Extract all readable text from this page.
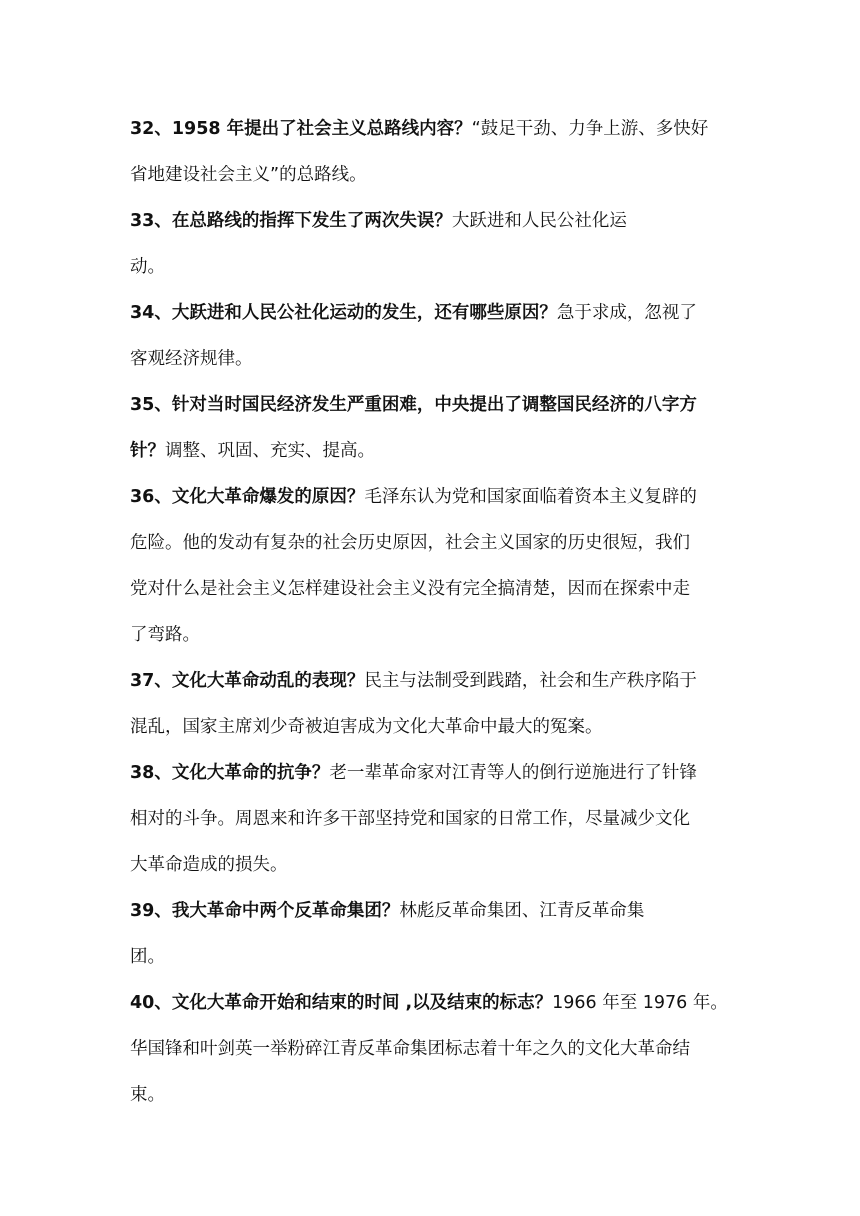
32、1958 年提出了社会主义总路线内容？“鼓足干劲、力争上游、多快好
省地建设社会主义”的总路线。
33、在总路线的指挥下发生了两次失误？大跃进和人民公社化运
动。
34、大跃进和人民公社化运动的发生，还有哪些原因？急于求成，忽视了
客观经济规律。
35、针对当时国民经济发生严重困难，中央提出了调整国民经济的八字方
针？调整、巩固、充实、提高。
36、文化大革命爆发的原因？毛泽东认为党和国家面临着资本主义复辟的
危险。他的发动有复杂的社会历史原因，社会主义国家的历史很短，我们
党对什么是社会主义怎样建设社会主义没有完全搞清楚，因而在探索中走
了弯路。
37、文化大革命动乱的表现？民主与法制受到践踏，社会和生产秩序陷于
混乱，国家主席刘少奇被迫害成为文化大革命中最大的冤案。
38、文化大革命的抗争？老一辈革命家对江青等人的倒行逆施进行了针锋
相对的斗争。周恩来和许多干部坚持党和国家的日常工作，尽量减少文化
大革命造成的损失。
39、我大革命中两个反革命集团？林彪反革命集团、江青反革命集
团。
40、文化大革命开始和结束的时间 ,以及结束的标志？1966 年至 1976 年。
华国锋和叶剑英一举粉碎江青反革命集团标志着十年之久的文化大革命结
束。
